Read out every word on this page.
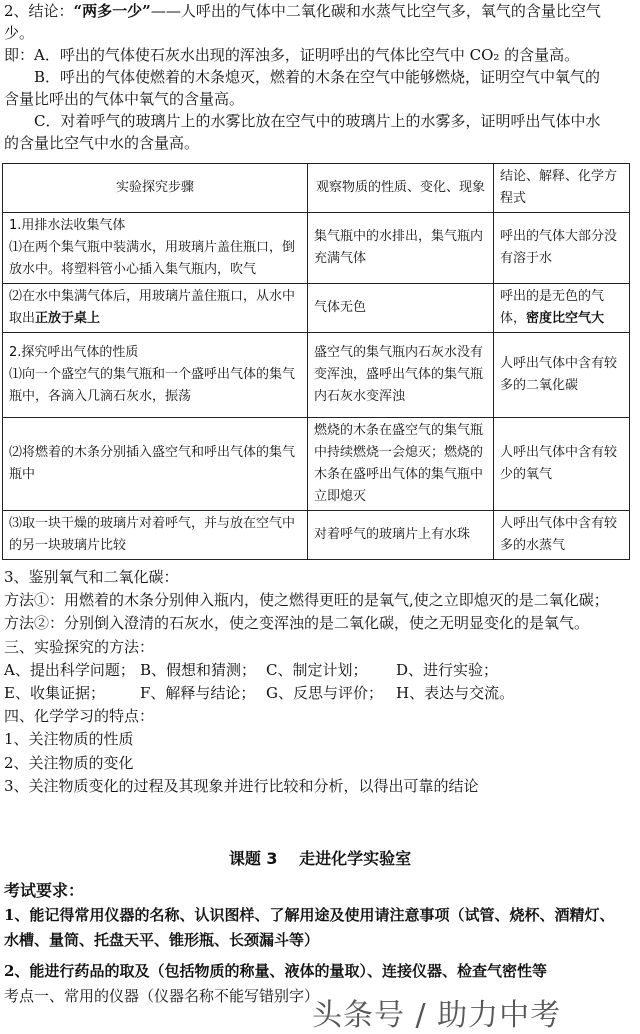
2、结论：“两多一少”——人呼出的气体中二氧化碳和水蒸气比空气多，氧气的含量比空气

少。

即：A．呼出的气体使石灰水出现的浑浊多，证明呼出的气体比空气中 CO₂ 的含量高。

　　B．呼出的气体使燃着的木条熄灭，燃着的木条在空气中能够燃烧，证明空气中氧气的

含量比呼出的气体中氧气的含量高。

　　C．对着呼气的玻璃片上的水雾比放在空气中的玻璃片上的水雾多，证明呼出气体中水

的含量比空气中水的含量高。

实验探究步骤	观察物质的性质、变化、现象	结论、解释、化学方程式

1.用排水法收集气体
⑴在两个集气瓶中装满水，用玻璃片盖住瓶口，倒放水中。将塑料管小心插入集气瓶内，吹气	集气瓶中的水排出，集气瓶内充满气体	呼出的气体大部分没有溶于水
⑵在水中集满气体后，用玻璃片盖住瓶口，从水中取出正放于桌上	气体无色	呼出的是无色的气体，密度比空气大

2.探究呼出气体的性质
⑴向一个盛空气的集气瓶和一个盛呼出气体的集气瓶中，各滴入几滴石灰水，振荡	盛空气的集气瓶内石灰水没有变浑浊，盛呼出气体的集气瓶内石灰水变浑浊	人呼出气体中含有较多的二氧化碳
⑵将燃着的木条分别插入盛空气和呼出气体的集气瓶中	燃烧的木条在盛空气的集气瓶中持续燃烧一会熄灭；燃烧的木条在盛呼出气体的集气瓶中立即熄灭	人呼出气体中含有较少的氧气
⑶取一块干燥的玻璃片对着呼气，并与放在空气中的另一块玻璃片比较	对着呼气的玻璃片上有水珠	人呼出气体中含有较多的水蒸气

3、鉴别氧气和二氧化碳：

方法①：用燃着的木条分别伸入瓶内，使之燃得更旺的是氧气,使之立即熄灭的是二氧化碳；

方法②：分别倒入澄清的石灰水，使之变浑浊的是二氧化碳，使之无明显变化的是氧气。

三、实验探究的方法：

A、提出科学问题； B、假想和猜测； C、制定计划；	D、进行实验；

E、收集证据；	F、解释与结论； G、反思与评价； H、表达与交流。

四、化学学习的特点：

1、关注物质的性质

2、关注物质的变化

3、关注物质变化的过程及其现象并进行比较和分析，以得出可靠的结论

课题 3　 走进化学实验室

考试要求：

1、能记得常用仪器的名称、认识图样、了解用途及使用请注意事项（试管、烧杯、酒精灯、

水槽、量筒、托盘天平、锥形瓶、长颈漏斗等）

2、能进行药品的取及（包括物质的称量、液体的量取）、连接仪器、检查气密性等

考点一、常用的仪器（仪器名称不能写错别字）

头条号 / 助力中考
